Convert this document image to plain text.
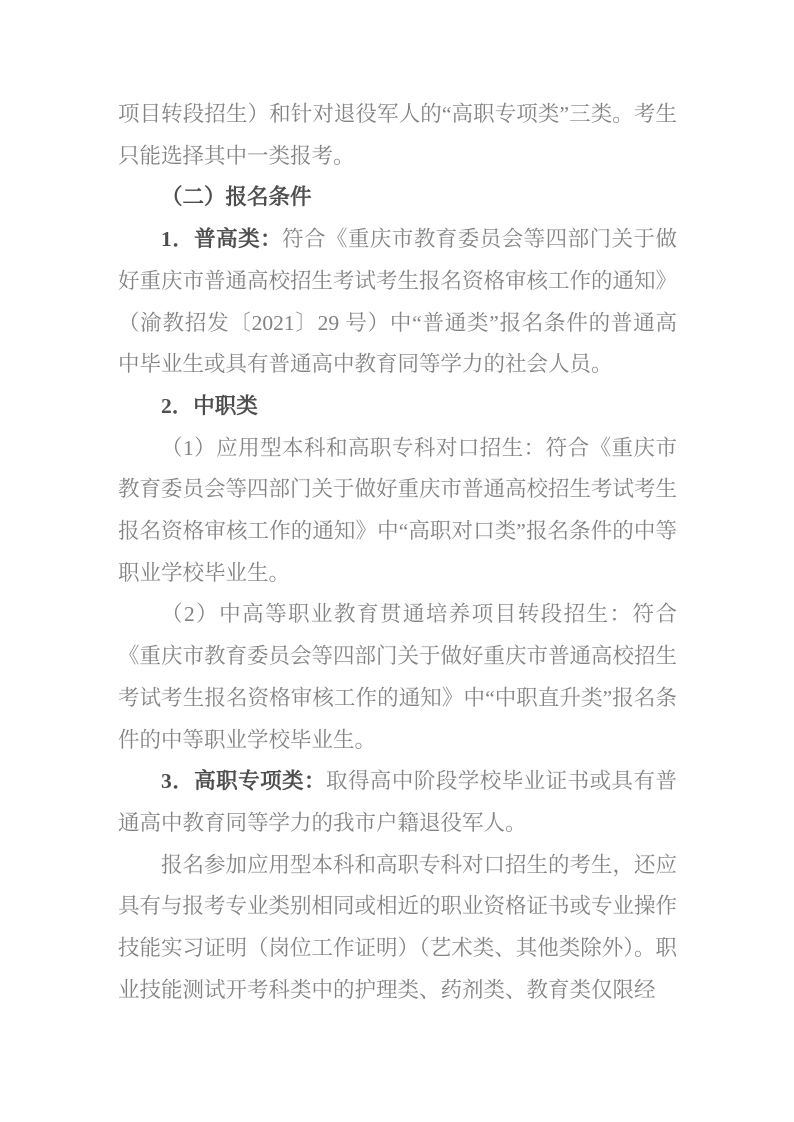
项目转段招生）和针对退役军人的“高职专项类”三类。考生只能选择其中一类报考。

（二）报名条件

1．普高类：符合《重庆市教育委员会等四部门关于做好重庆市普通高校招生考试考生报名资格审核工作的通知》（渝教招发〔2021〕29 号）中“普通类”报名条件的普通高中毕业生或具有普通高中教育同等学力的社会人员。

2．中职类

（1）应用型本科和高职专科对口招生：符合《重庆市教育委员会等四部门关于做好重庆市普通高校招生考试考生报名资格审核工作的通知》中“高职对口类”报名条件的中等职业学校毕业生。

（2）中高等职业教育贯通培养项目转段招生：符合《重庆市教育委员会等四部门关于做好重庆市普通高校招生考试考生报名资格审核工作的通知》中“中职直升类”报名条件的中等职业学校毕业生。

3．高职专项类：取得高中阶段学校毕业证书或具有普通高中教育同等学力的我市户籍退役军人。

报名参加应用型本科和高职专科对口招生的考生，还应具有与报考专业类别相同或相近的职业资格证书或专业操作技能实习证明（岗位工作证明）（艺术类、其他类除外）。职业技能测试开考科类中的护理类、药剂类、教育类仅限经
